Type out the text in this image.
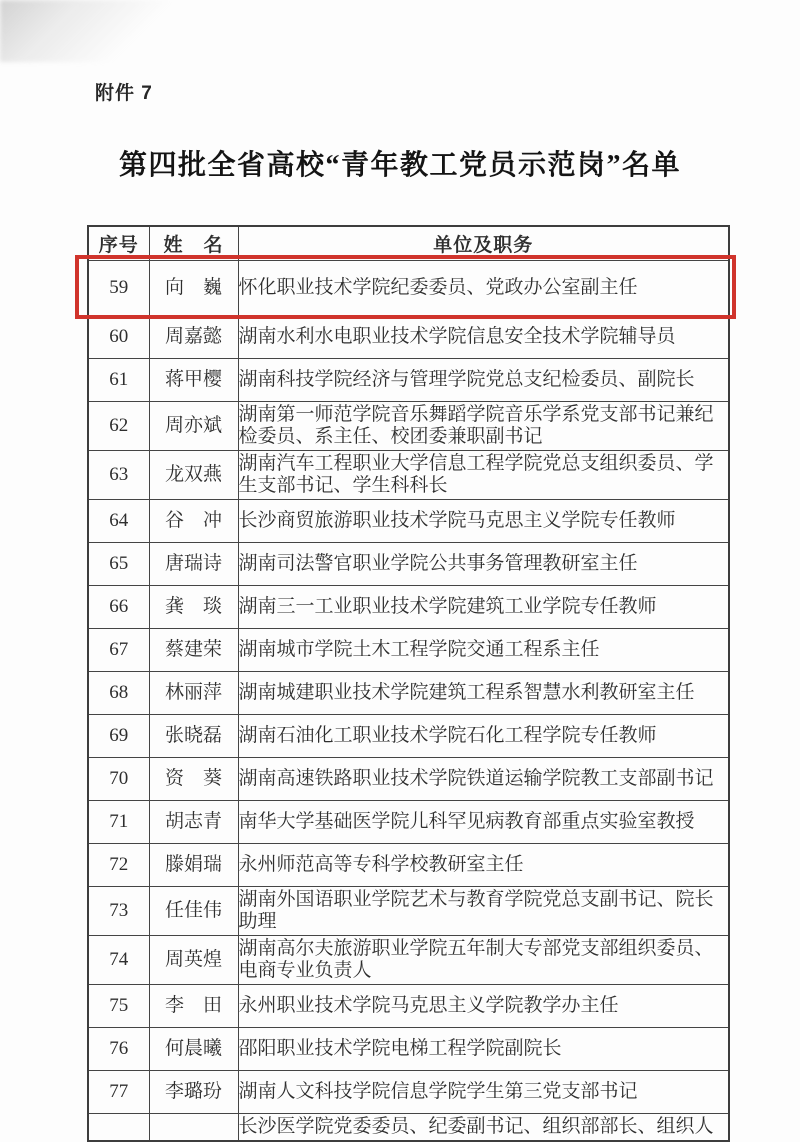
附件 7
第四批全省高校“青年教工党员示范岗”名单
序号	姓　名	单位及职务
59	向　巍	怀化职业技术学院纪委委员、党政办公室副主任
60	周嘉懿	湖南水利水电职业技术学院信息安全技术学院辅导员
61	蒋甲樱	湖南科技学院经济与管理学院党总支纪检委员、副院长
62	周亦斌	湖南第一师范学院音乐舞蹈学院音乐学系党支部书记兼纪检委员、系主任、校团委兼职副书记
63	龙双燕	湖南汽车工程职业大学信息工程学院党总支组织委员、学生支部书记、学生科科长
64	谷　冲	长沙商贸旅游职业技术学院马克思主义学院专任教师
65	唐瑞诗	湖南司法警官职业学院公共事务管理教研室主任
66	龚　琰	湖南三一工业职业技术学院建筑工业学院专任教师
67	蔡建荣	湖南城市学院土木工程学院交通工程系主任
68	林丽萍	湖南城建职业技术学院建筑工程系智慧水利教研室主任
69	张晓磊	湖南石油化工职业技术学院石化工程学院专任教师
70	资　葵	湖南高速铁路职业技术学院铁道运输学院教工支部副书记
71	胡志青	南华大学基础医学院儿科罕见病教育部重点实验室教授
72	滕娟瑞	永州师范高等专科学校教研室主任
73	任佳伟	湖南外国语职业学院艺术与教育学院党总支副书记、院长助理
74	周英煌	湖南高尔夫旅游职业学院五年制大专部党支部组织委员、电商专业负责人
75	李　田	永州职业技术学院马克思主义学院教学办主任
76	何晨曦	邵阳职业技术学院电梯工程学院副院长
77	李璐玢	湖南人文科技学院信息学院学生第三党支部书记
		长沙医学院党委委员、纪委副书记、组织部部长、组织人
